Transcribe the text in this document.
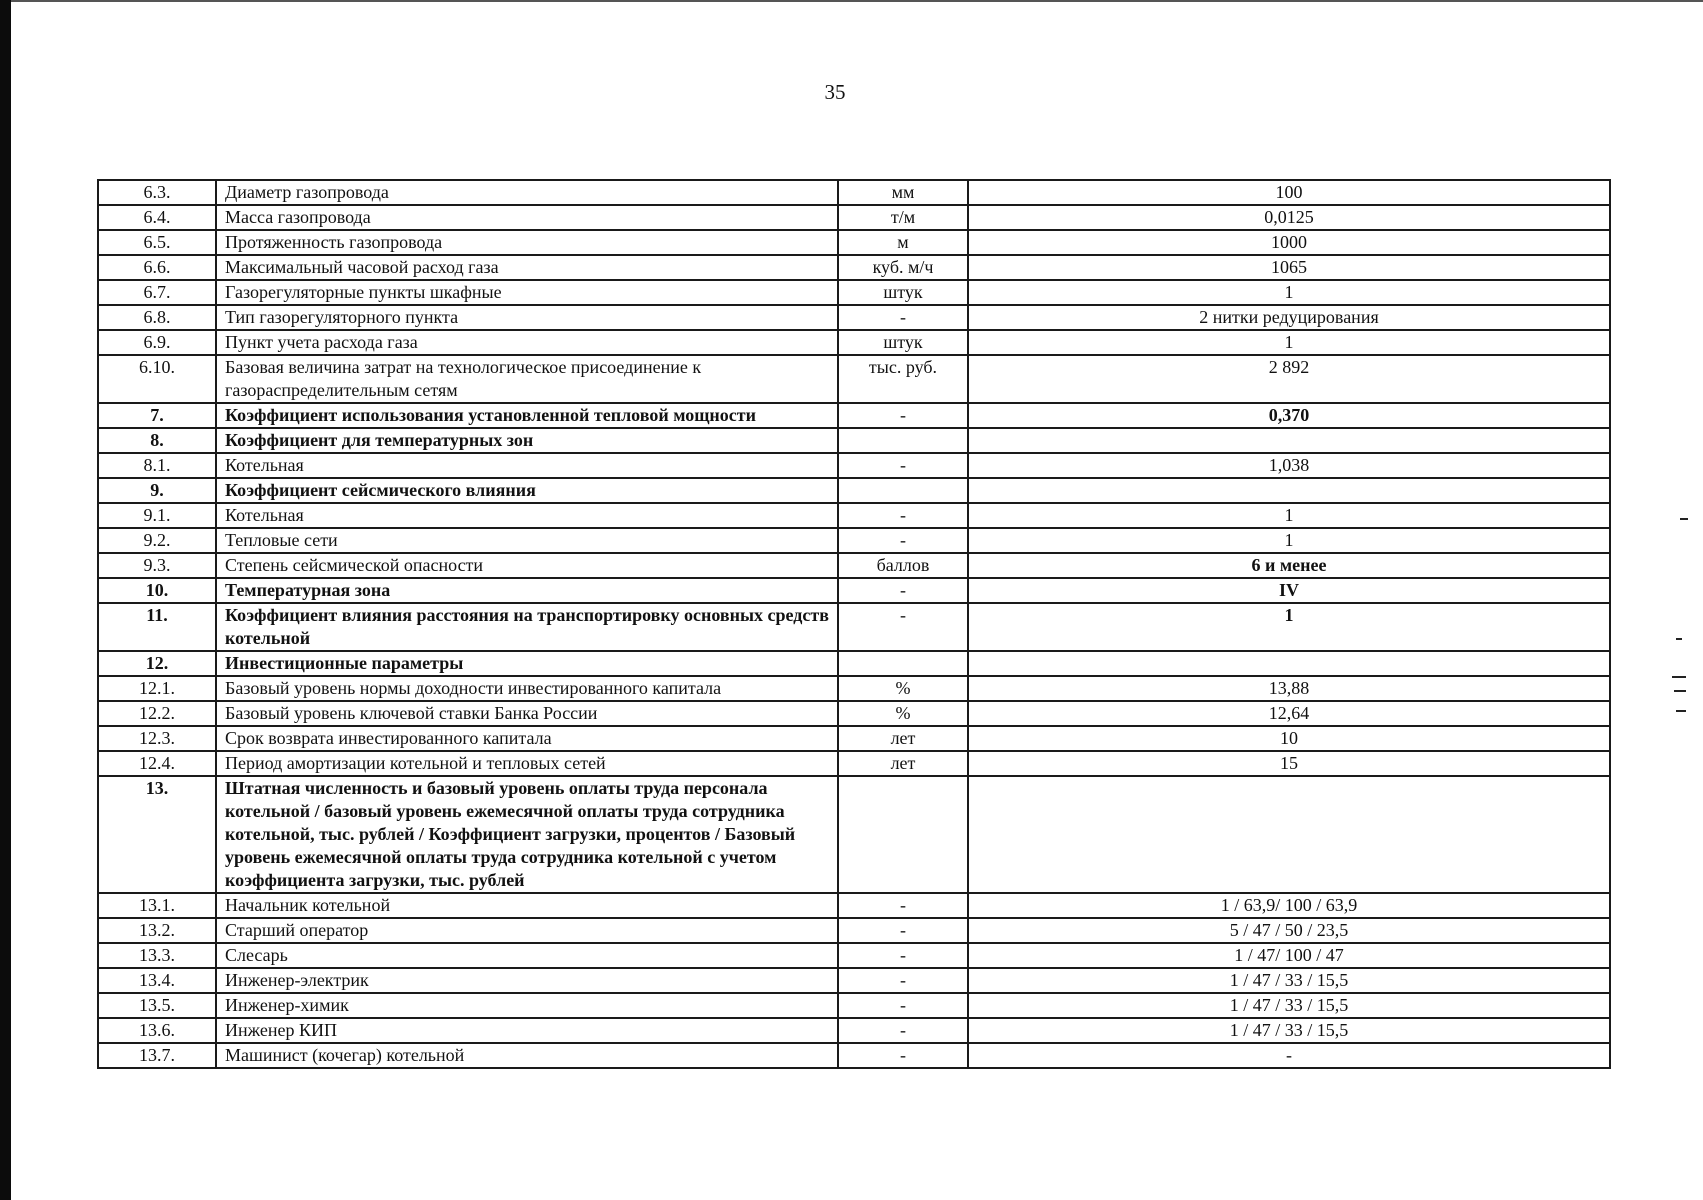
35
6.3.	Диаметр газопровода	мм	100
6.4.	Масса газопровода	т/м	0,0125
6.5.	Протяженность газопровода	м	1000
6.6.	Максимальный часовой расход газа	куб. м/ч	1065
6.7.	Газорегуляторные пункты шкафные	штук	1
6.8.	Тип газорегуляторного пункта	-	2 нитки редуцирования
6.9.	Пункт учета расхода газа	штук	1
6.10.	Базовая величина затрат на технологическое присоединение к газораспределительным сетям	тыс. руб.	2 892
7.	Коэффициент использования установленной тепловой мощности	-	0,370
8.	Коэффициент для температурных зон		
8.1.	Котельная	-	1,038
9.	Коэффициент сейсмического влияния		
9.1.	Котельная	-	1
9.2.	Тепловые сети	-	1
9.3.	Степень сейсмической опасности	баллов	6 и менее
10.	Температурная зона	-	IV
11.	Коэффициент влияния расстояния на транспортировку основных средств котельной	-	1
12.	Инвестиционные параметры		
12.1.	Базовый уровень нормы доходности инвестированного капитала	%	13,88
12.2.	Базовый уровень ключевой ставки Банка России	%	12,64
12.3.	Срок возврата инвестированного капитала	лет	10
12.4.	Период амортизации котельной и тепловых сетей	лет	15
13.	Штатная численность и базовый уровень оплаты труда персонала котельной / базовый уровень ежемесячной оплаты труда сотрудника котельной, тыс. рублей / Коэффициент загрузки, процентов / Базовый уровень ежемесячной оплаты труда сотрудника котельной с учетом коэффициента загрузки, тыс. рублей		
13.1.	Начальник котельной	-	1 / 63,9/ 100 / 63,9
13.2.	Старший оператор	-	5 / 47 / 50 / 23,5
13.3.	Слесарь	-	1 / 47/ 100 / 47
13.4.	Инженер-электрик	-	1 / 47 / 33 / 15,5
13.5.	Инженер-химик	-	1 / 47 / 33 / 15,5
13.6.	Инженер КИП	-	1 / 47 / 33 / 15,5
13.7.	Машинист (кочегар) котельной	-	-
